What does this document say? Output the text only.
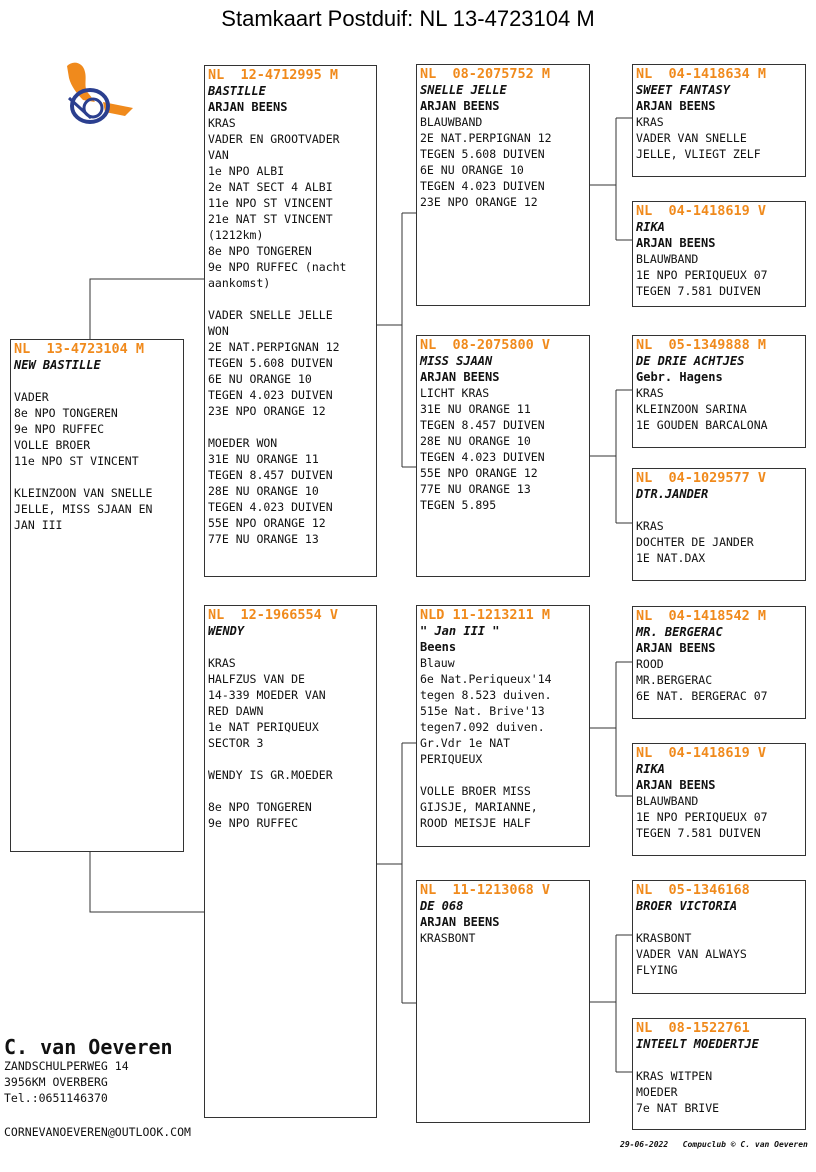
Stamkaart Postduif: NL 13-4723104 M
NL  13-4723104 M
NEW BASTILLE

VADER
8e NPO TONGEREN
9e NPO RUFFEC
VOLLE BROER
11e NPO ST VINCENT

KLEINZOON VAN SNELLE
JELLE, MISS SJAAN EN
JAN III
NL  12-4712995 M
BASTILLE
ARJAN BEENS
KRAS
VADER EN GROOTVADER
VAN
1e NPO ALBI
2e NAT SECT 4 ALBI
11e NPO ST VINCENT
21e NAT ST VINCENT
(1212km)
8e NPO TONGEREN
9e NPO RUFFEC (nacht
aankomst)

VADER SNELLE JELLE
WON
2E NAT.PERPIGNAN 12
TEGEN 5.608 DUIVEN
6E NU ORANGE 10
TEGEN 4.023 DUIVEN
23E NPO ORANGE 12

MOEDER WON
31E NU ORANGE 11
TEGEN 8.457 DUIVEN
28E NU ORANGE 10
TEGEN 4.023 DUIVEN
55E NPO ORANGE 12
77E NU ORANGE 13
NL  12-1966554 V
WENDY

KRAS
HALFZUS VAN DE
14-339 MOEDER VAN
RED DAWN
1e NAT PERIQUEUX
SECTOR 3

WENDY IS GR.MOEDER

8e NPO TONGEREN
9e NPO RUFFEC
NL  08-2075752 M
SNELLE JELLE
ARJAN BEENS
BLAUWBAND
2E NAT.PERPIGNAN 12
TEGEN 5.608 DUIVEN
6E NU ORANGE 10
TEGEN 4.023 DUIVEN
23E NPO ORANGE 12
NL  08-2075800 V
MISS SJAAN
ARJAN BEENS
LICHT KRAS
31E NU ORANGE 11
TEGEN 8.457 DUIVEN
28E NU ORANGE 10
TEGEN 4.023 DUIVEN
55E NPO ORANGE 12
77E NU ORANGE 13
TEGEN 5.895
NLD 11-1213211 M
" Jan III "
Beens
Blauw
6e Nat.Periqueux'14
tegen 8.523 duiven.
515e Nat. Brive'13
tegen7.092 duiven.
Gr.Vdr 1e NAT
PERIQUEUX

VOLLE BROER MISS
GIJSJE, MARIANNE,
ROOD MEISJE HALF
NL  11-1213068 V
DE 068
ARJAN BEENS
KRASBONT
NL  04-1418634 M
SWEET FANTASY
ARJAN BEENS
KRAS
VADER VAN SNELLE
JELLE, VLIEGT ZELF
NL  04-1418619 V
RIKA
ARJAN BEENS
BLAUWBAND
1E NPO PERIQUEUX 07
TEGEN 7.581 DUIVEN
NL  05-1349888 M
DE DRIE ACHTJES
Gebr. Hagens
KRAS
KLEINZOON SARINA
1E GOUDEN BARCALONA
NL  04-1029577 V
DTR.JANDER

KRAS
DOCHTER DE JANDER
1E NAT.DAX
NL  04-1418542 M
MR. BERGERAC
ARJAN BEENS
ROOD
MR.BERGERAC
6E NAT. BERGERAC 07
NL  04-1418619 V
RIKA
ARJAN BEENS
BLAUWBAND
1E NPO PERIQUEUX 07
TEGEN 7.581 DUIVEN
NL  05-1346168
BROER VICTORIA

KRASBONT
VADER VAN ALWAYS
FLYING
NL  08-1522761
INTEELT MOEDERTJE

KRAS WITPEN
MOEDER
7e NAT BRIVE
C. van Oeveren
ZANDSCHULPERWEG 14
3956KM OVERBERG
Tel.:0651146370
CORNEVANOEVEREN@OUTLOOK.COM
29-06-2022 Compuclub © C. van Oeveren
